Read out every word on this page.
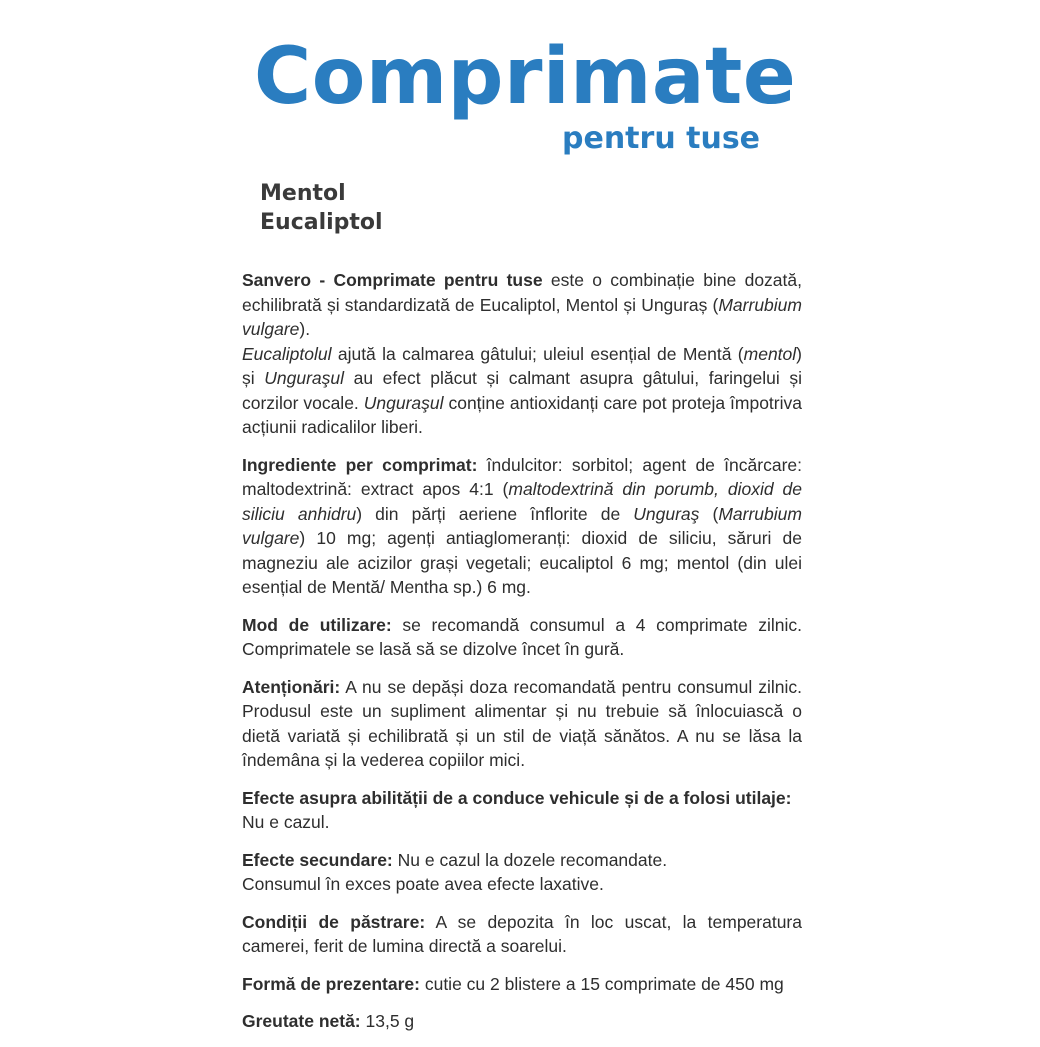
Comprimate
pentru tuse
Mentol
Eucaliptol

Sanvero - Comprimate pentru tuse este o combinație bine dozată, echilibrată și standardizată de Eucaliptol, Mentol și Unguraș (Marrubium vulgare).

Eucaliptolul ajută la calmarea gâtului; uleiul esențial de Mentă (mentol) și Unguraşul au efect plăcut și calmant asupra gâtului, faringelui și corzilor vocale. Unguraşul conține antioxidanți care pot proteja împotriva acțiunii radicalilor liberi.

Ingrediente per comprimat: îndulcitor: sorbitol; agent de încărcare: maltodextrină: extract apos 4:1 (maltodextrină din porumb, dioxid de siliciu anhidru) din părți aeriene înflorite de Unguraş (Marrubium vulgare) 10 mg; agenți antiaglomeranți: dioxid de siliciu, săruri de magneziu ale acizilor grași vegetali; eucaliptol 6 mg; mentol (din ulei esențial de Mentă/ Mentha sp.) 6 mg.

Mod de utilizare: se recomandă consumul a 4 comprimate zilnic. Comprimatele se lasă să se dizolve încet în gură.

Atenționări: A nu se depăși doza recomandată pentru consumul zilnic. Produsul este un supliment alimentar și nu trebuie să înlocuiască o dietă variată și echilibrată și un stil de viață sănătos. A nu se lăsa la îndemâna și la vederea copiilor mici.

Efecte asupra abilității de a conduce vehicule și de a folosi utilaje:
Nu e cazul.

Efecte secundare: Nu e cazul la dozele recomandate.
Consumul în exces poate avea efecte laxative.

Condiții de păstrare: A se depozita în loc uscat, la temperatura camerei, ferit de lumina directă a soarelui.

Formă de prezentare: cutie cu 2 blistere a 15 comprimate de 450 mg

Greutate netă: 13,5 g
